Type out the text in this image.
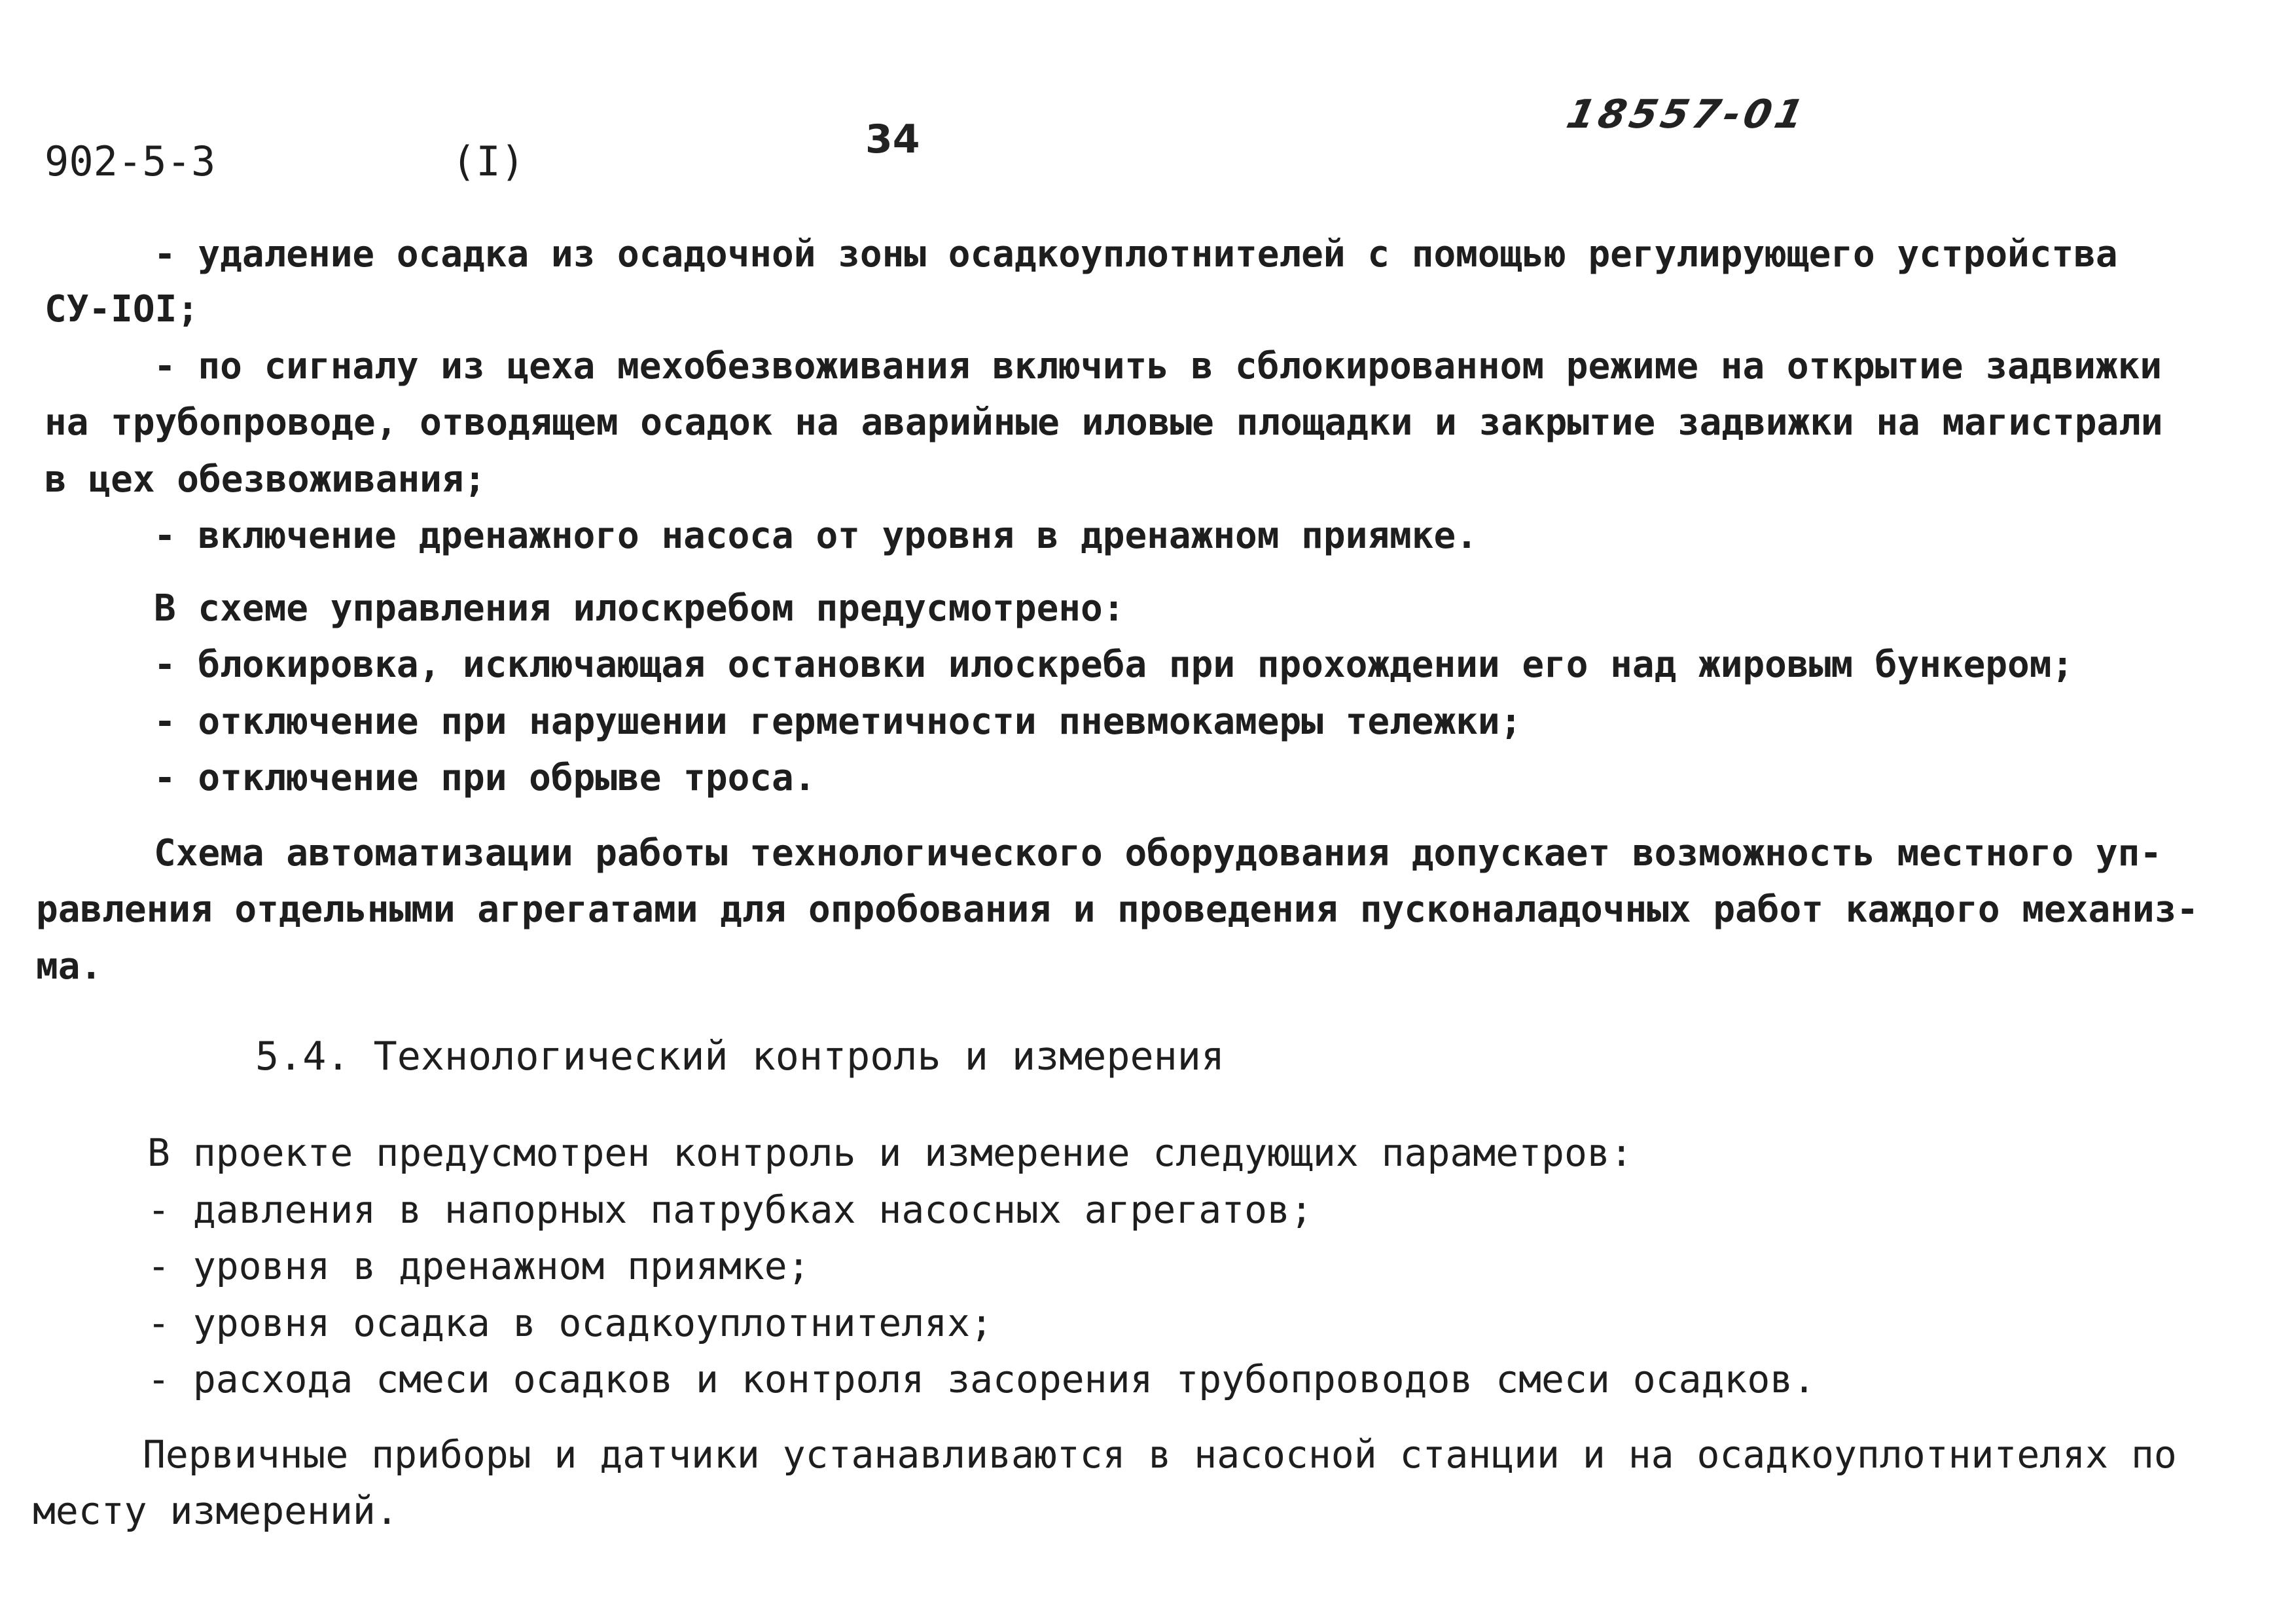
902-5-3	(I)	34
18557-01
- удаление осадка из осадочной зоны осадкоуплотнителей с помощью регулирующего устройства
СУ-IOI;
- по сигналу из цеха мехобезвоживания включить в сблокированном режиме на открытие задвижки
на трубопроводе, отводящем осадок на аварийные иловые площадки и закрытие задвижки на магистрали
в цех обезвоживания;
- включение дренажного насоса от уровня в дренажном приямке.
В схеме управления илоскребом предусмотрено:
- блокировка, исключающая остановки илоскреба при прохождении его над жировым бункером;
- отключение при нарушении герметичности пневмокамеры тележки;
- отключение при обрыве троса.
Схема автоматизации работы технологического оборудования допускает возможность местного уп-
равления отдельными агрегатами для опробования и проведения пусконаладочных работ каждого механиз-
ма.
5.4. Технологический контроль и измерения
В проекте предусмотрен контроль и измерение следующих параметров:
- давления в напорных патрубках насосных агрегатов;
- уровня в дренажном приямке;
- уровня осадка в осадкоуплотнителях;
- расхода смеси осадков и контроля засорения трубопроводов смеси осадков.
Первичные приборы и датчики устанавливаются в насосной станции и на осадкоуплотнителях по
месту измерений.
